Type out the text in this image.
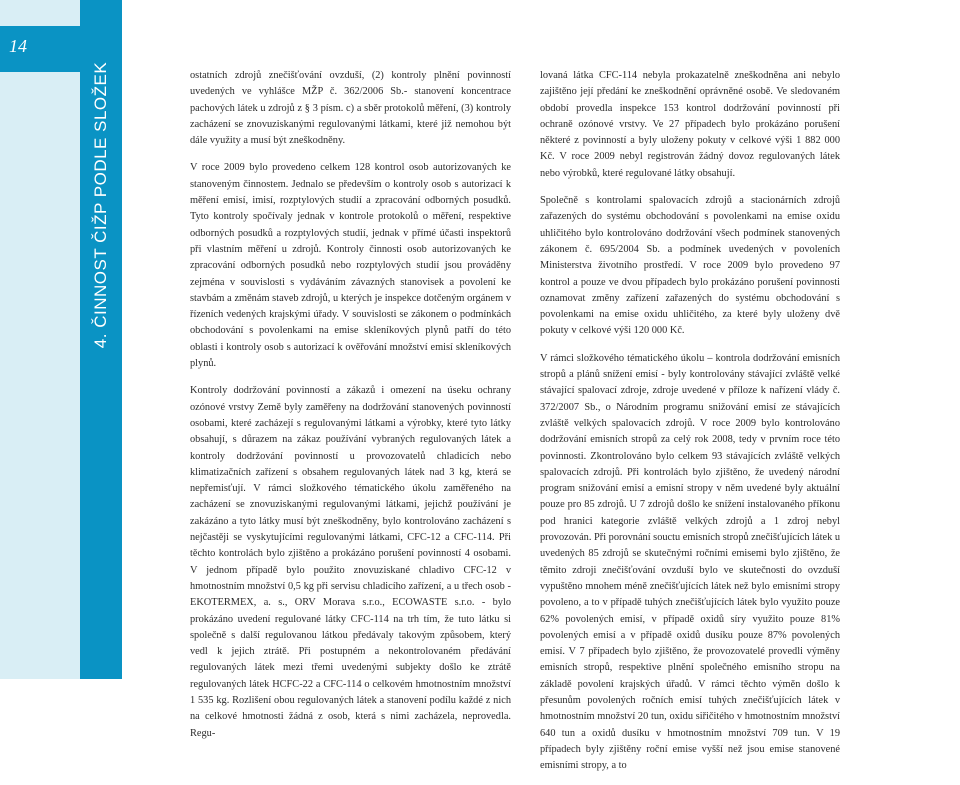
14
4. ČINNOST ČIŽP PODLE SLOŽEK	ostatních zdrojů znečišťování ovzduší, (2) kontroly plnění povinností uvedených ve vyhlášce MŽP č. 362/2006 Sb.- stanovení koncentrace pachových látek u zdrojů z § 3 písm. c) a sběr protokolů měření, (3) kontroly zacházení se znovuziskanými regulovanými látkami, které již nemohou být dále využity a musí být zneškodněny.

V roce 2009 bylo provedeno celkem 128 kontrol osob autorizovaných ke stanoveným činnostem. Jednalo se především o kontroly osob s autorizací k měření emisí, imisí, rozptylových studií a zpracování odborných posudků. Tyto kontroly spočívaly jednak v kontrole protokolů o měření, respektive odborných posudků a rozptylových studií, jednak v přímé účasti inspektorů při vlastním měření u zdrojů. Kontroly činnosti osob autorizovaných ke zpracování odborných posudků nebo rozptylových studií jsou prováděny zejména v souvislosti s vydáváním závazných stanovisek a povolení ke stavbám a změnám staveb zdrojů, u kterých je inspekce dotčeným orgánem v řízeních vedených krajskými úřady. V souvislosti se zákonem o podmínkách obchodování s povolenkami na emise skleníkových plynů patří do této oblasti i kontroly osob s autorizací k ověřování množství emisí skleníkových plynů.

Kontroly dodržování povinností a zákazů i omezení na úseku ochrany ozónové vrstvy Země byly zaměřeny na dodržování stanovených povinností osobami, které zacházejí s regulovanými látkami a výrobky, které tyto látky obsahují, s důrazem na zákaz používání vybraných regulovaných látek a kontroly dodržování povinností u provozovatelů chladicích nebo klimatizačních zařízení s obsahem regulovaných látek nad 3 kg, která se nepřemisťují. V rámci složkového tématického úkolu zaměřeného na zacházení se znovuziskanými regulovanými látkami, jejichž používání je zakázáno a tyto látky musí být zneškodněny, bylo kontrolováno zacházení s nejčastěji se vyskytujícími regulovanými látkami, CFC-12 a CFC-114. Při těchto kontrolách bylo zjištěno a prokázáno porušení povinností 4 osobami. V jednom případě bylo použito znovuziskané chladivo CFC-12 v hmotnostním množství 0,5 kg při servisu chladicího zařízení, a u třech osob - EKOTERMEX, a. s., ORV Morava s.r.o., ECOWASTE s.r.o. - bylo prokázáno uvedení regulované látky CFC-114 na trh tím, že tuto látku si společně s další regulovanou látkou předávaly takovým způsobem, který vedl k jejich ztrátě. Při postupném a nekontrolovaném předávání regulovaných látek mezi třemi uvedenými subjekty došlo ke ztrátě regulovaných látek HCFC-22 a CFC-114 o celkovém hmotnostním množství 1 535 kg. Rozlišení obou regulovaných látek a stanovení podílu každé z nich na celkové hmotnosti žádná z osob, která s nimi zacházela, neprovedla. Regu-

lovaná látka CFC-114 nebyla prokazatelně zneškodněna ani nebylo zajištěno její předání ke zneškodnění oprávněné osobě. Ve sledovaném období provedla inspekce 153 kontrol dodržování povinností při ochraně ozónové vrstvy. Ve 27 případech bylo prokázáno porušení některé z povinností a byly uloženy pokuty v celkové výši 1 882 000 Kč. V roce 2009 nebyl registrován žádný dovoz regulovaných látek nebo výrobků, které regulované látky obsahují.

Společně s kontrolami spalovacích zdrojů a stacionárních zdrojů zařazených do systému obchodování s povolenkami na emise oxidu uhličitého bylo kontrolováno dodržování všech podmínek stanovených zákonem č. 695/2004 Sb. a podmínek uvedených v povoleních Ministerstva životního prostředí. V roce 2009 bylo provedeno 97 kontrol a pouze ve dvou případech bylo prokázáno porušení povinnosti oznamovat změny zařízení zařazených do systému obchodování s povolenkami na emise oxidu uhličitého, za které byly uloženy dvě pokuty v celkové výši 120 000 Kč.

V rámci složkového tématického úkolu – kontrola dodržování emisních stropů a plánů snížení emisí - byly kontrolovány stávající zvláště velké stávající spalovací zdroje, zdroje uvedené v příloze k nařízení vlády č. 372/2007 Sb., o Národním programu snižování emisí ze stávajících zvláště velkých spalovacích zdrojů. V roce 2009 bylo kontrolováno dodržování emisních stropů za celý rok 2008, tedy v prvním roce této povinnosti. Zkontrolováno bylo celkem 93 stávajících zvláště velkých spalovacích zdrojů. Při kontrolách bylo zjištěno, že uvedený národní program snižování emisí a emisní stropy v něm uvedené byly aktuální pouze pro 85 zdrojů. U 7 zdrojů došlo ke snížení instalovaného příkonu pod hranici kategorie zvláště velkých zdrojů a 1 zdroj nebyl provozován. Při porovnání souctu emisních stropů znečišťujících látek u uvedených 85 zdrojů se skutečnými ročními emisemi bylo zjištěno, že těmito zdroji znečišťování ovzduší bylo ve skutečnosti do ovzduší vypuštěno mnohem méně znečišťujících látek než bylo emisními stropy povoleno, a to v případě tuhých znečišťujících látek bylo využito pouze 62% povolených emisí, v případě oxidů síry využito pouze 81% povolených emisí a v případě oxidů dusíku pouze 87% povolených emisí. V 7 případech bylo zjištěno, že provozovatelé provedli výměny emisních stropů, respektive plnění společného emisního stropu na základě povolení krajských úřadů. V rámci těchto výměn došlo k přesunům povolených ročních emisí tuhých znečišťujících látek v hmotnostním množství 20 tun, oxidu siřičitého v hmotnostním množství 640 tun a oxidů dusíku v hmotnostním množství 709 tun. V 19 případech byly zjištěny roční emise vyšší než jsou emise stanovené emisními stropy, a to
